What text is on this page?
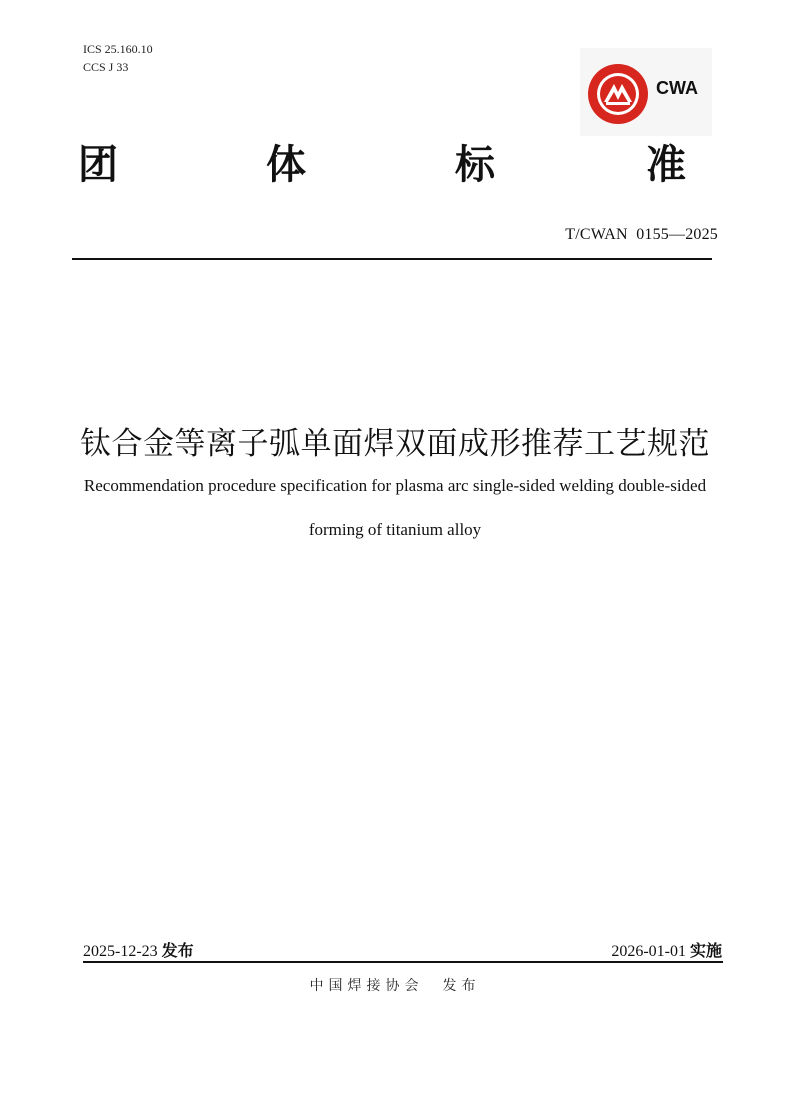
ICS 25.160.10
CCS J 33
CWA
团	体	标	准
T/CWAN  0155—2025
钛合金等离子弧单面焊双面成形推荐工艺规范
Recommendation procedure specification for plasma arc single-sided welding double-sided
forming of titanium alloy
2025-12-23 发布	2026-01-01 实施
中国焊接协会  发布
